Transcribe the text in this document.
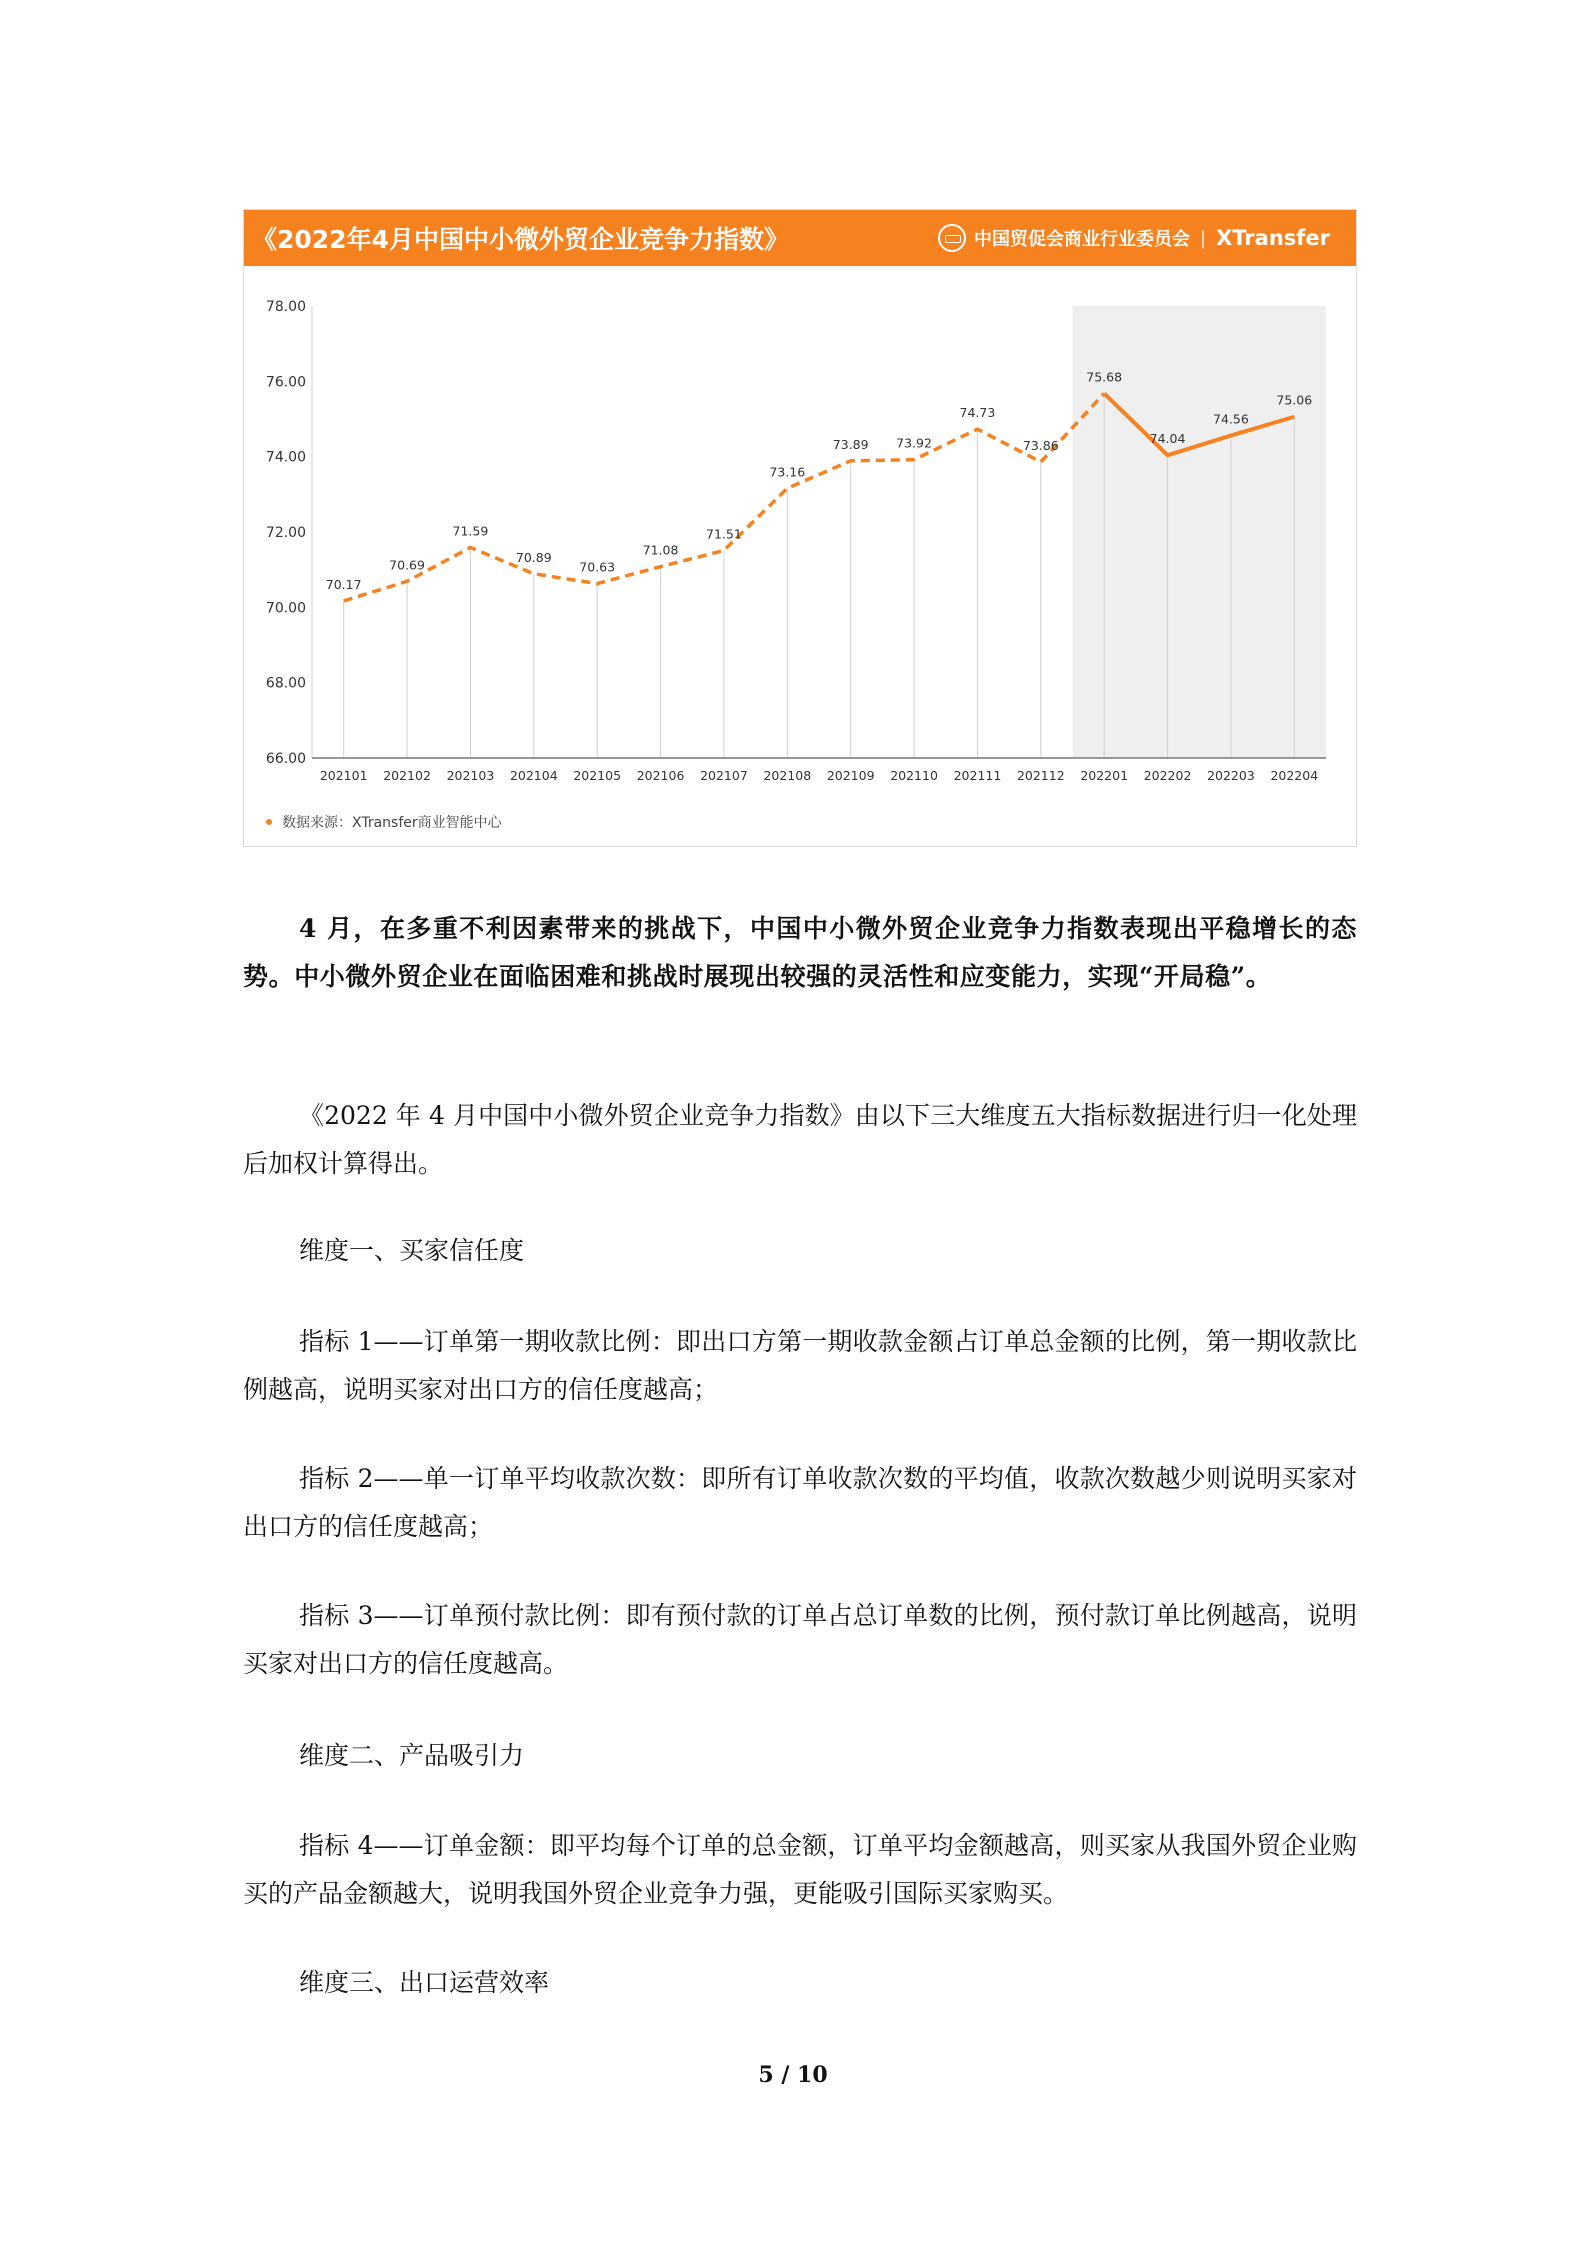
《2022年4月中国中小微外贸企业竞争力指数》	中国贸促会商业行业委员会 | XTransfer
66.00
68.00
70.00
72.00
74.00
76.00
78.00
202101 202102 202103 202104 202105 202106 202107 202108 202109 202110 202111 202112 202201 202202 202203 202204
70.17
70.69
71.59
70.89
70.63
71.08
71.51
73.16
73.89 73.92
74.73
73.86
75.68
74.04
74.56
75.06
数据来源：XTransfer商业智能中心

4 月，在多重不利因素带来的挑战下，中国中小微外贸企业竞争力指数表现出平稳增长的态势。中小微外贸企业在面临困难和挑战时展现出较强的灵活性和应变能力，实现“开局稳”。

《2022 年 4 月中国中小微外贸企业竞争力指数》由以下三大维度五大指标数据进行归一化处理后加权计算得出。

维度一、买家信任度

指标 1——订单第一期收款比例：即出口方第一期收款金额占订单总金额的比例，第一期收款比例越高，说明买家对出口方的信任度越高；

指标 2——单一订单平均收款次数：即所有订单收款次数的平均值，收款次数越少则说明买家对出口方的信任度越高；

指标 3——订单预付款比例：即有预付款的订单占总订单数的比例，预付款订单比例越高，说明买家对出口方的信任度越高。

维度二、产品吸引力

指标 4——订单金额：即平均每个订单的总金额，订单平均金额越高，则买家从我国外贸企业购买的产品金额越大，说明我国外贸企业竞争力强，更能吸引国际买家购买。

维度三、出口运营效率

5 / 10
